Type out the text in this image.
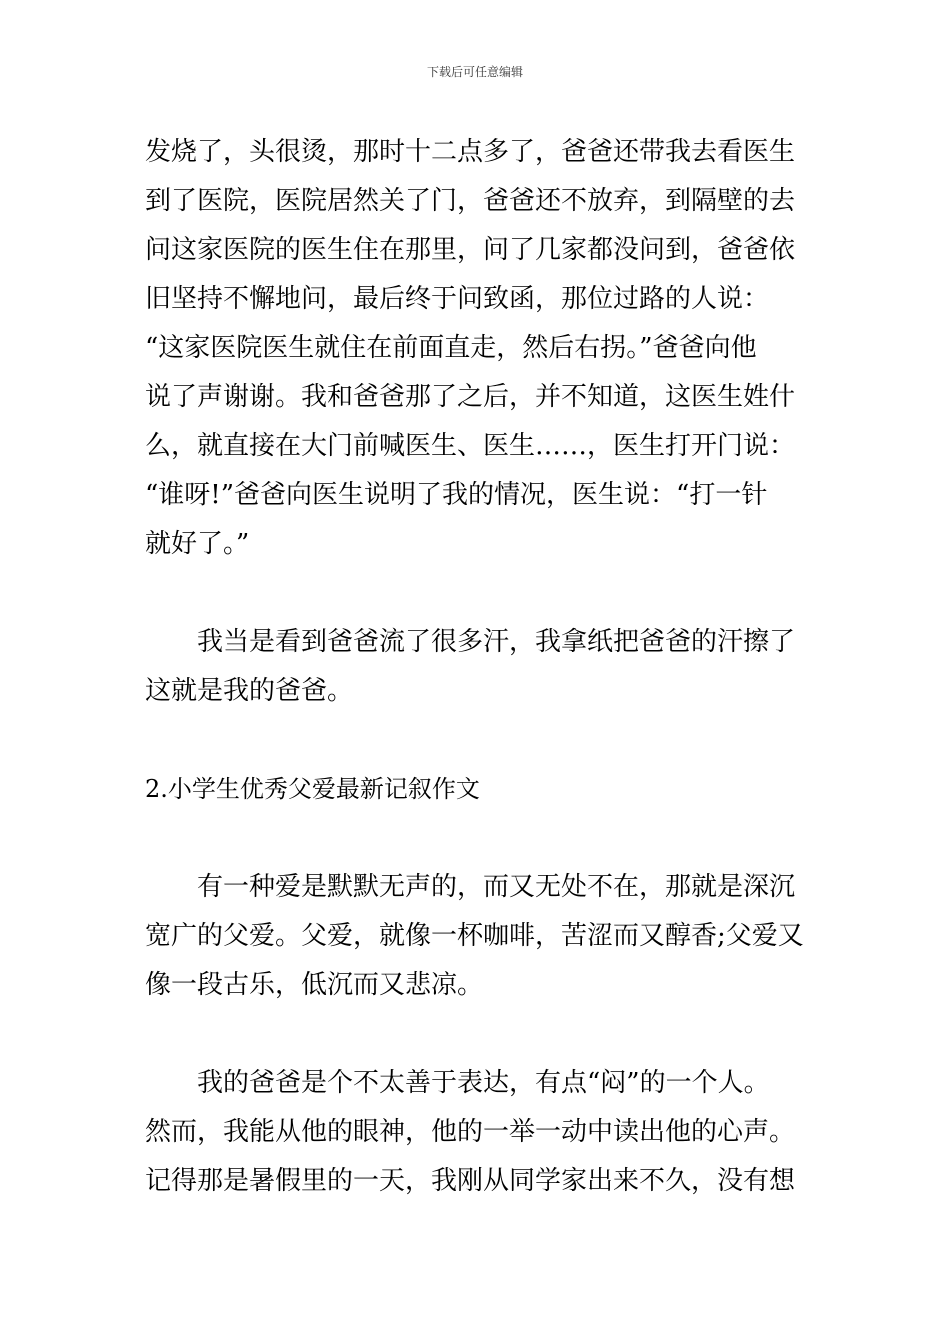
下载后可任意编辑
发烧了，头很烫，那时十二点多了，爸爸还带我去看医生
到了医院，医院居然关了门，爸爸还不放弃，到隔壁的去
问这家医院的医生住在那里，问了几家都没问到，爸爸依
旧坚持不懈地问，最后终于问致函，那位过路的人说：
“这家医院医生就住在前面直走，然后右拐。”爸爸向他
说了声谢谢。我和爸爸那了之后，并不知道，这医生姓什
么，就直接在大门前喊医生、医生……，医生打开门说：
“谁呀!”爸爸向医生说明了我的情况，医生说：“打一针
就好了。”
我当是看到爸爸流了很多汗，我拿纸把爸爸的汗擦了
这就是我的爸爸。
2.小学生优秀父爱最新记叙作文
有一种爱是默默无声的，而又无处不在，那就是深沉
宽广的父爱。父爱，就像一杯咖啡，苦涩而又醇香;父爱又
像一段古乐，低沉而又悲凉。
我的爸爸是个不太善于表达，有点“闷”的一个人。
然而，我能从他的眼神，他的一举一动中读出他的心声。
记得那是暑假里的一天，我刚从同学家出来不久，没有想
